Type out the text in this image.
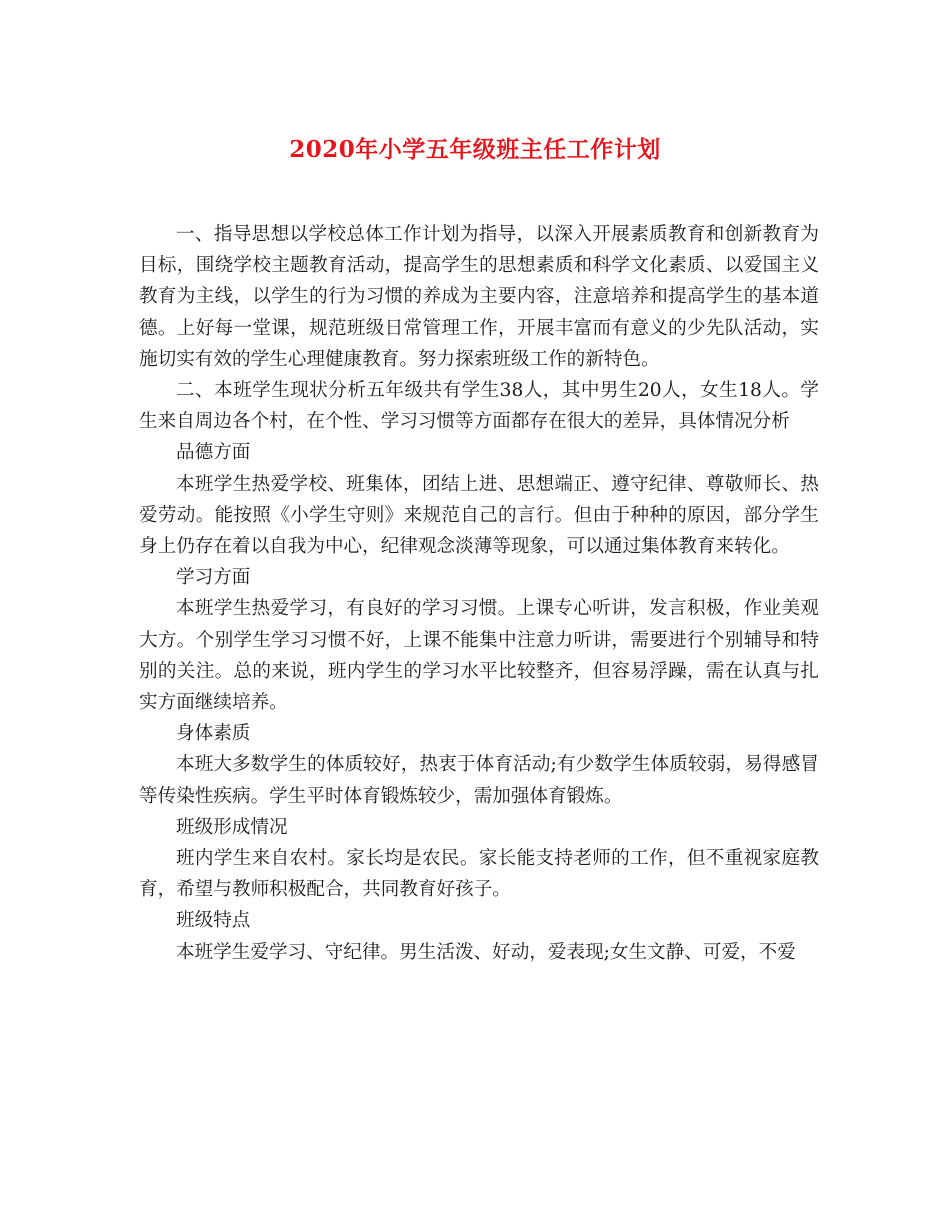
2020年小学五年级班主任工作计划

一、指导思想以学校总体工作计划为指导，以深入开展素质教育和创新教育为目标，围绕学校主题教育活动，提高学生的思想素质和科学文化素质、以爱国主义教育为主线，以学生的行为习惯的养成为主要内容，注意培养和提高学生的基本道德。上好每一堂课，规范班级日常管理工作，开展丰富而有意义的少先队活动，实施切实有效的学生心理健康教育。努力探索班级工作的新特色。

二、本班学生现状分析五年级共有学生38人，其中男生20人，女生18人。学生来自周边各个村，在个性、学习习惯等方面都存在很大的差异，具体情况分析

品德方面

本班学生热爱学校、班集体，团结上进、思想端正、遵守纪律、尊敬师长、热爱劳动。能按照《小学生守则》来规范自己的言行。但由于种种的原因，部分学生身上仍存在着以自我为中心，纪律观念淡薄等现象，可以通过集体教育来转化。

学习方面

本班学生热爱学习，有良好的学习习惯。上课专心听讲，发言积极，作业美观大方。个别学生学习习惯不好，上课不能集中注意力听讲，需要进行个别辅导和特别的关注。总的来说，班内学生的学习水平比较整齐，但容易浮躁，需在认真与扎实方面继续培养。

身体素质

本班大多数学生的体质较好，热衷于体育活动;有少数学生体质较弱，易得感冒等传染性疾病。学生平时体育锻炼较少，需加强体育锻炼。

班级形成情况

班内学生来自农村。家长均是农民。家长能支持老师的工作，但不重视家庭教育，希望与教师积极配合，共同教育好孩子。

班级特点

本班学生爱学习、守纪律。男生活泼、好动，爱表现;女生文静、可爱，不爱
